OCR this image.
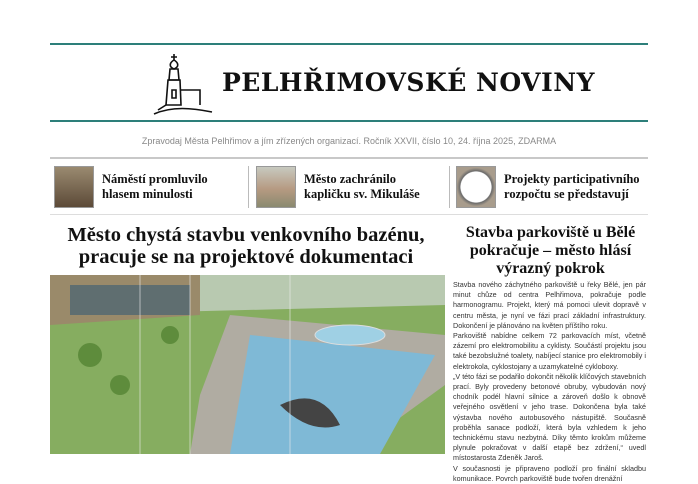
PELHŘIMOVSKÉ NOVINY
Zpravodaj Města Pelhřimov a jím zřízených organizací. Ročník XXVII, číslo 10, 24. října 2025, ZDARMA
Náměstí promluvilo hlasem minulosti
Město zachránilo kapličku sv. Mikuláše
Projekty participativního rozpočtu se představují
Město chystá stavbu venkovního bazénu, pracuje se na projektové dokumentaci
Stavba parkoviště u Bělé pokračuje – město hlásí výrazný pokrok

Stavba nového záchytného parkoviště u řeky Bělé, jen pár minut chůze od centra Pelhřimova, pokračuje podle harmonogramu. Projekt, který má pomoci ulevit dopravě v centru města, je nyní ve fázi prací základní infrastruktury. Dokončení je plánováno na květen příštího roku.

Parkoviště nabídne celkem 72 parkovacích míst, včetně zázemí pro elektromobilitu a cyklisty. Součástí projektu jsou také bezobslužné toalety, nabíjecí stanice pro elektromobily i elektrokola, cyklostojany a uzamykatelné cykloboxy.

„V této fázi se podařilo dokončit několik klíčových stavebních prací. Byly provedeny betonové obruby, vybudován nový chodník podél hlavní silnice a zároveň došlo k obnově veřejného osvětlení v jeho trase. Dokončena byla také výstavba nového autobusového nástupiště. Současně proběhla sanace podloží, která byla vzhledem k jeho technickému stavu nezbytná. Díky těmto krokům můžeme plynule pokračovat v další etapě bez zdržení,“ uvedl místostarosta Zdeněk Jaroš.

V současnosti je připraveno podloží pro finální skladbu komunikace. Povrch parkoviště bude tvořen drenážní
